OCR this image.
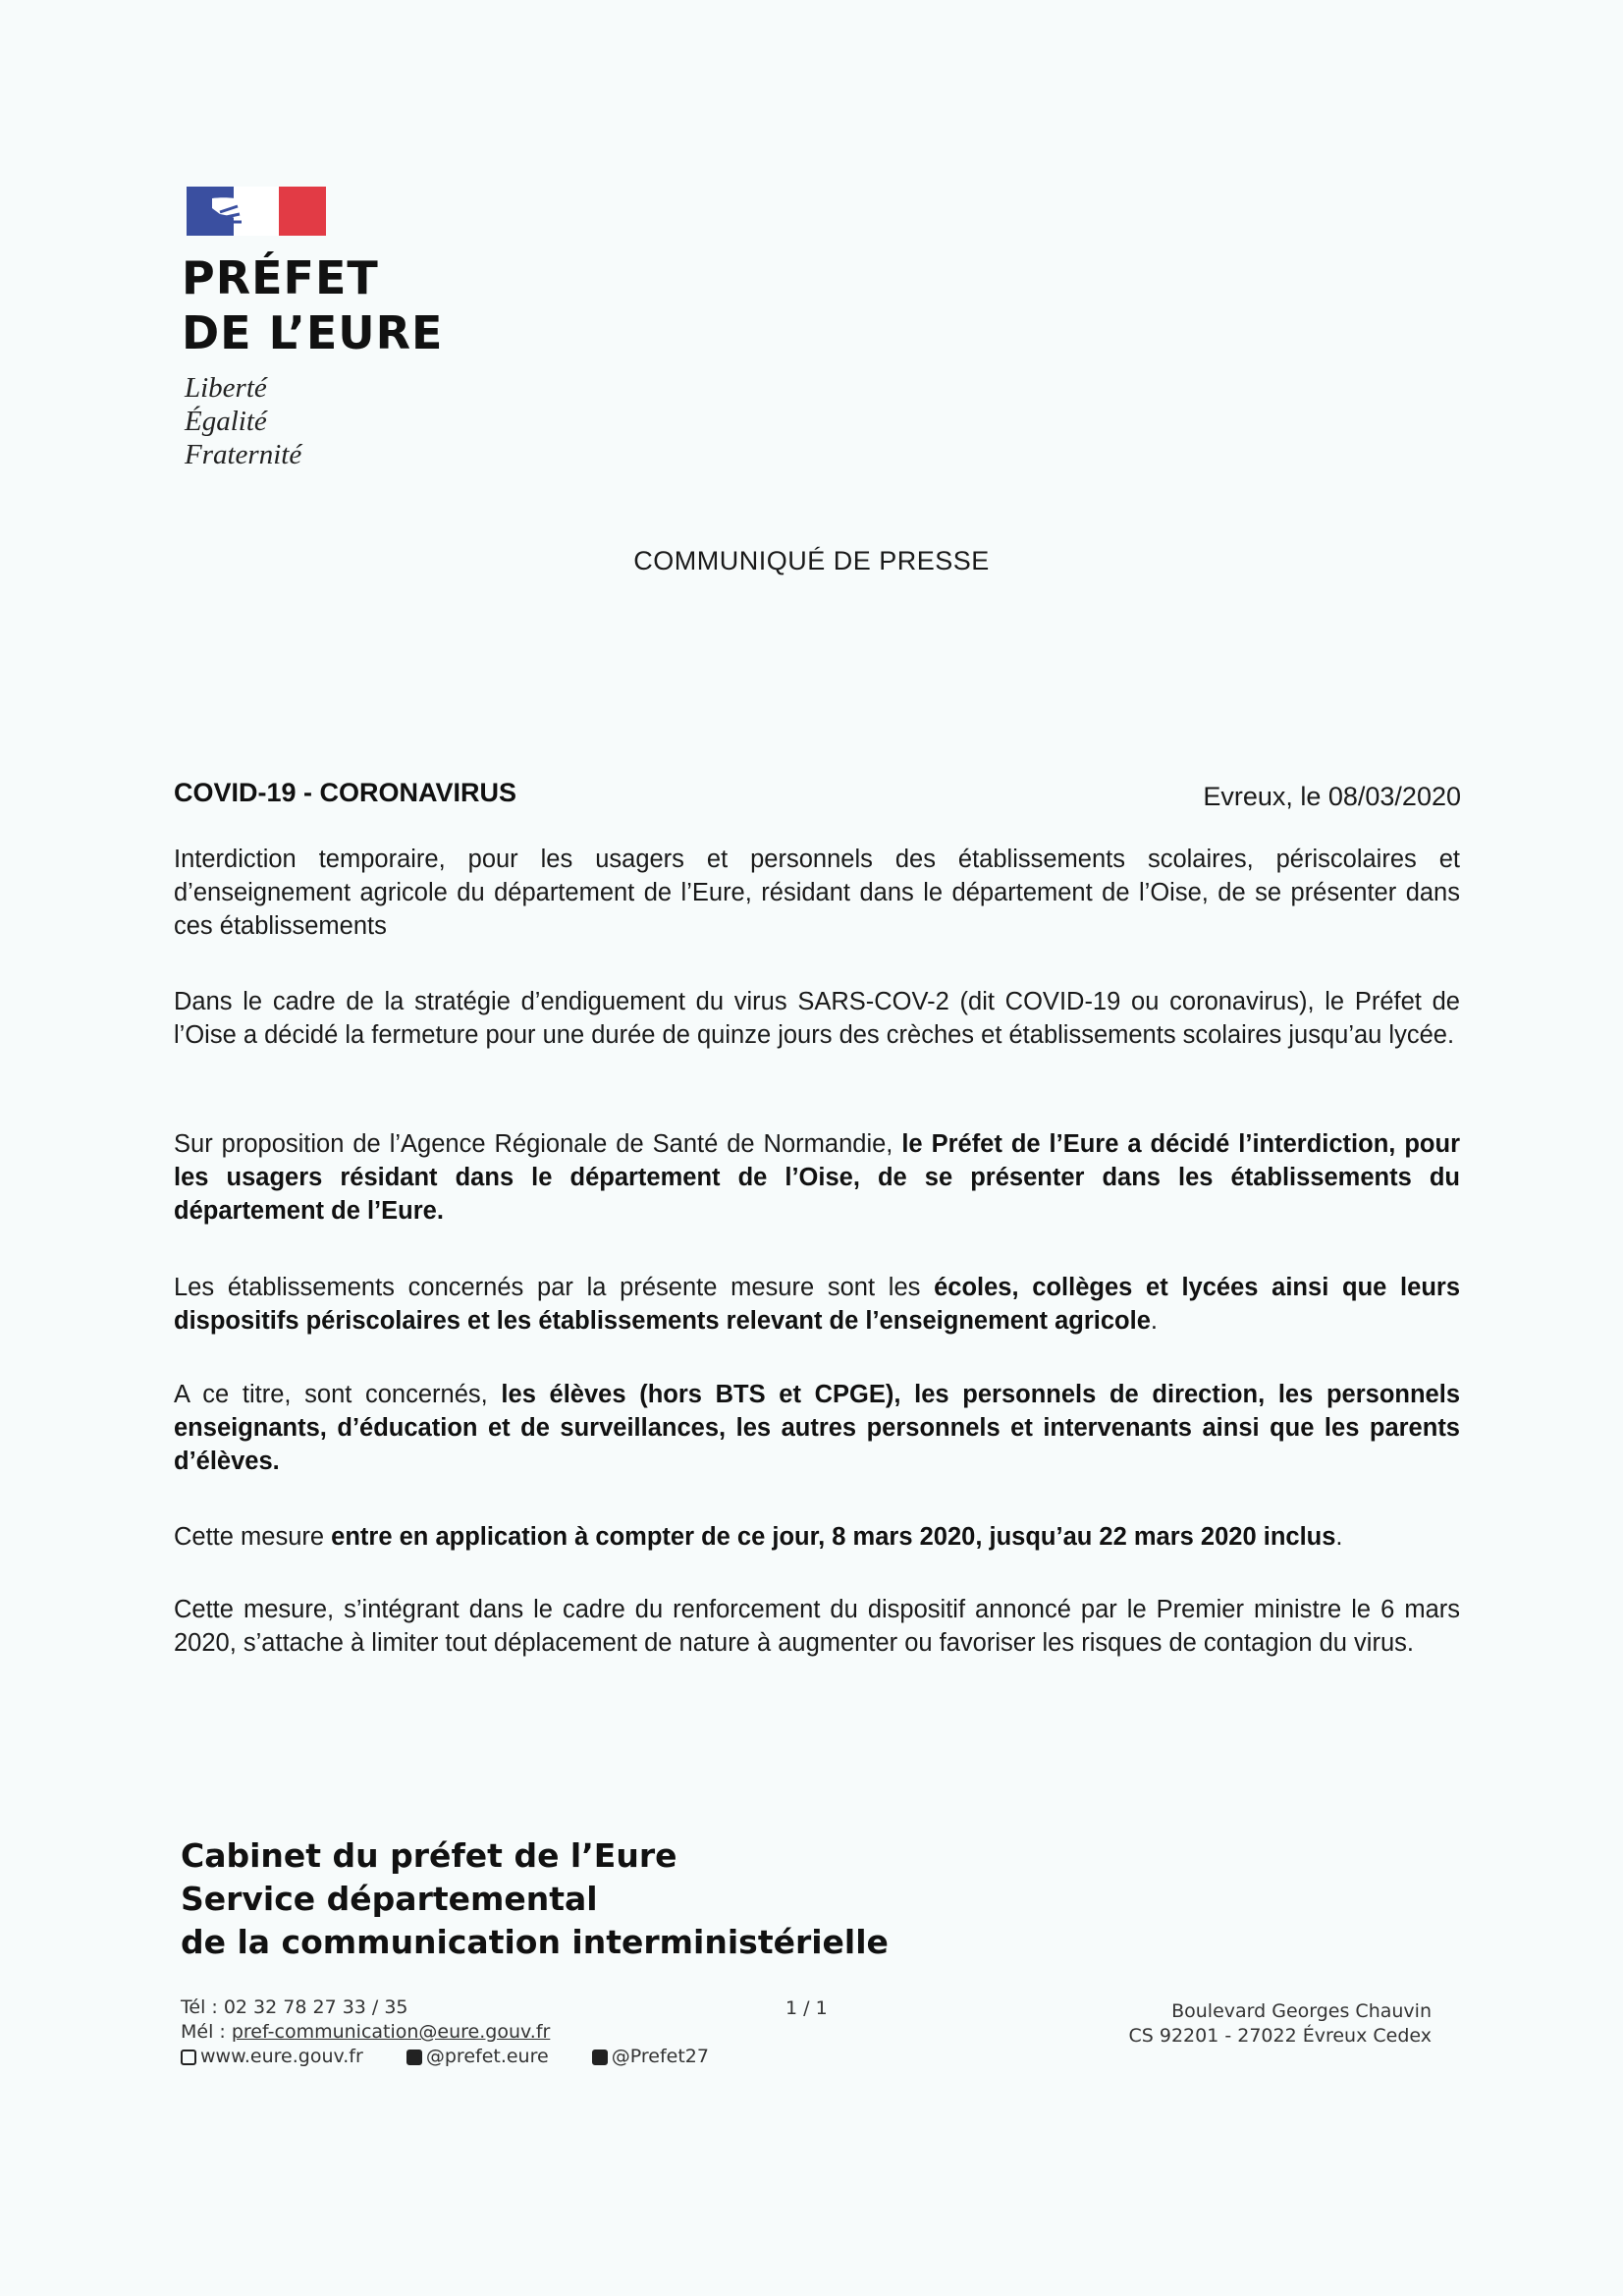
PRÉFET
DE L’EURE
Liberté
Égalité
Fraternité
COMMUNIQUÉ DE PRESSE
COVID-19 - CORONAVIRUS	Evreux, le 08/03/2020
Interdiction temporaire, pour les usagers et personnels des établissements scolaires, périscolaires et d’enseignement agricole du département de l’Eure, résidant dans le département de l’Oise, de se présenter dans ces établissements
Dans le cadre de la stratégie d’endiguement du virus SARS-COV-2 (dit COVID-19 ou coronavirus), le Préfet de l’Oise a décidé la fermeture pour une durée de quinze jours des crèches et établissements scolaires jusqu’au lycée.
Sur proposition de l’Agence Régionale de Santé de Normandie, le Préfet de l’Eure a décidé l’interdiction, pour les usagers résidant dans le département de l’Oise, de se présenter dans les établissements du département de l’Eure.
Les établissements concernés par la présente mesure sont les écoles, collèges et lycées ainsi que leurs dispositifs périscolaires et les établissements relevant de l’enseignement agricole.
A ce titre, sont concernés, les élèves (hors BTS et CPGE), les personnels de direction, les personnels enseignants, d’éducation et de surveillances, les autres personnels et intervenants ainsi que les parents d’élèves.
Cette mesure entre en application à compter de ce jour, 8 mars 2020, jusqu’au 22 mars 2020 inclus.
Cette mesure, s’intégrant dans le cadre du renforcement du dispositif annoncé par le Premier ministre le 6 mars 2020, s’attache à limiter tout déplacement de nature à augmenter ou favoriser les risques de contagion du virus.
Cabinet du préfet de l’Eure
Service départemental
de la communication interministérielle
Tél : 02 32 78 27 33 / 35
Mél : pref-communication@eure.gouv.fr
www.eure.gouv.fr
	@prefet.eure
	@Prefet27
1 / 1	Boulevard Georges Chauvin
CS 92201 - 27022 Évreux Cedex
